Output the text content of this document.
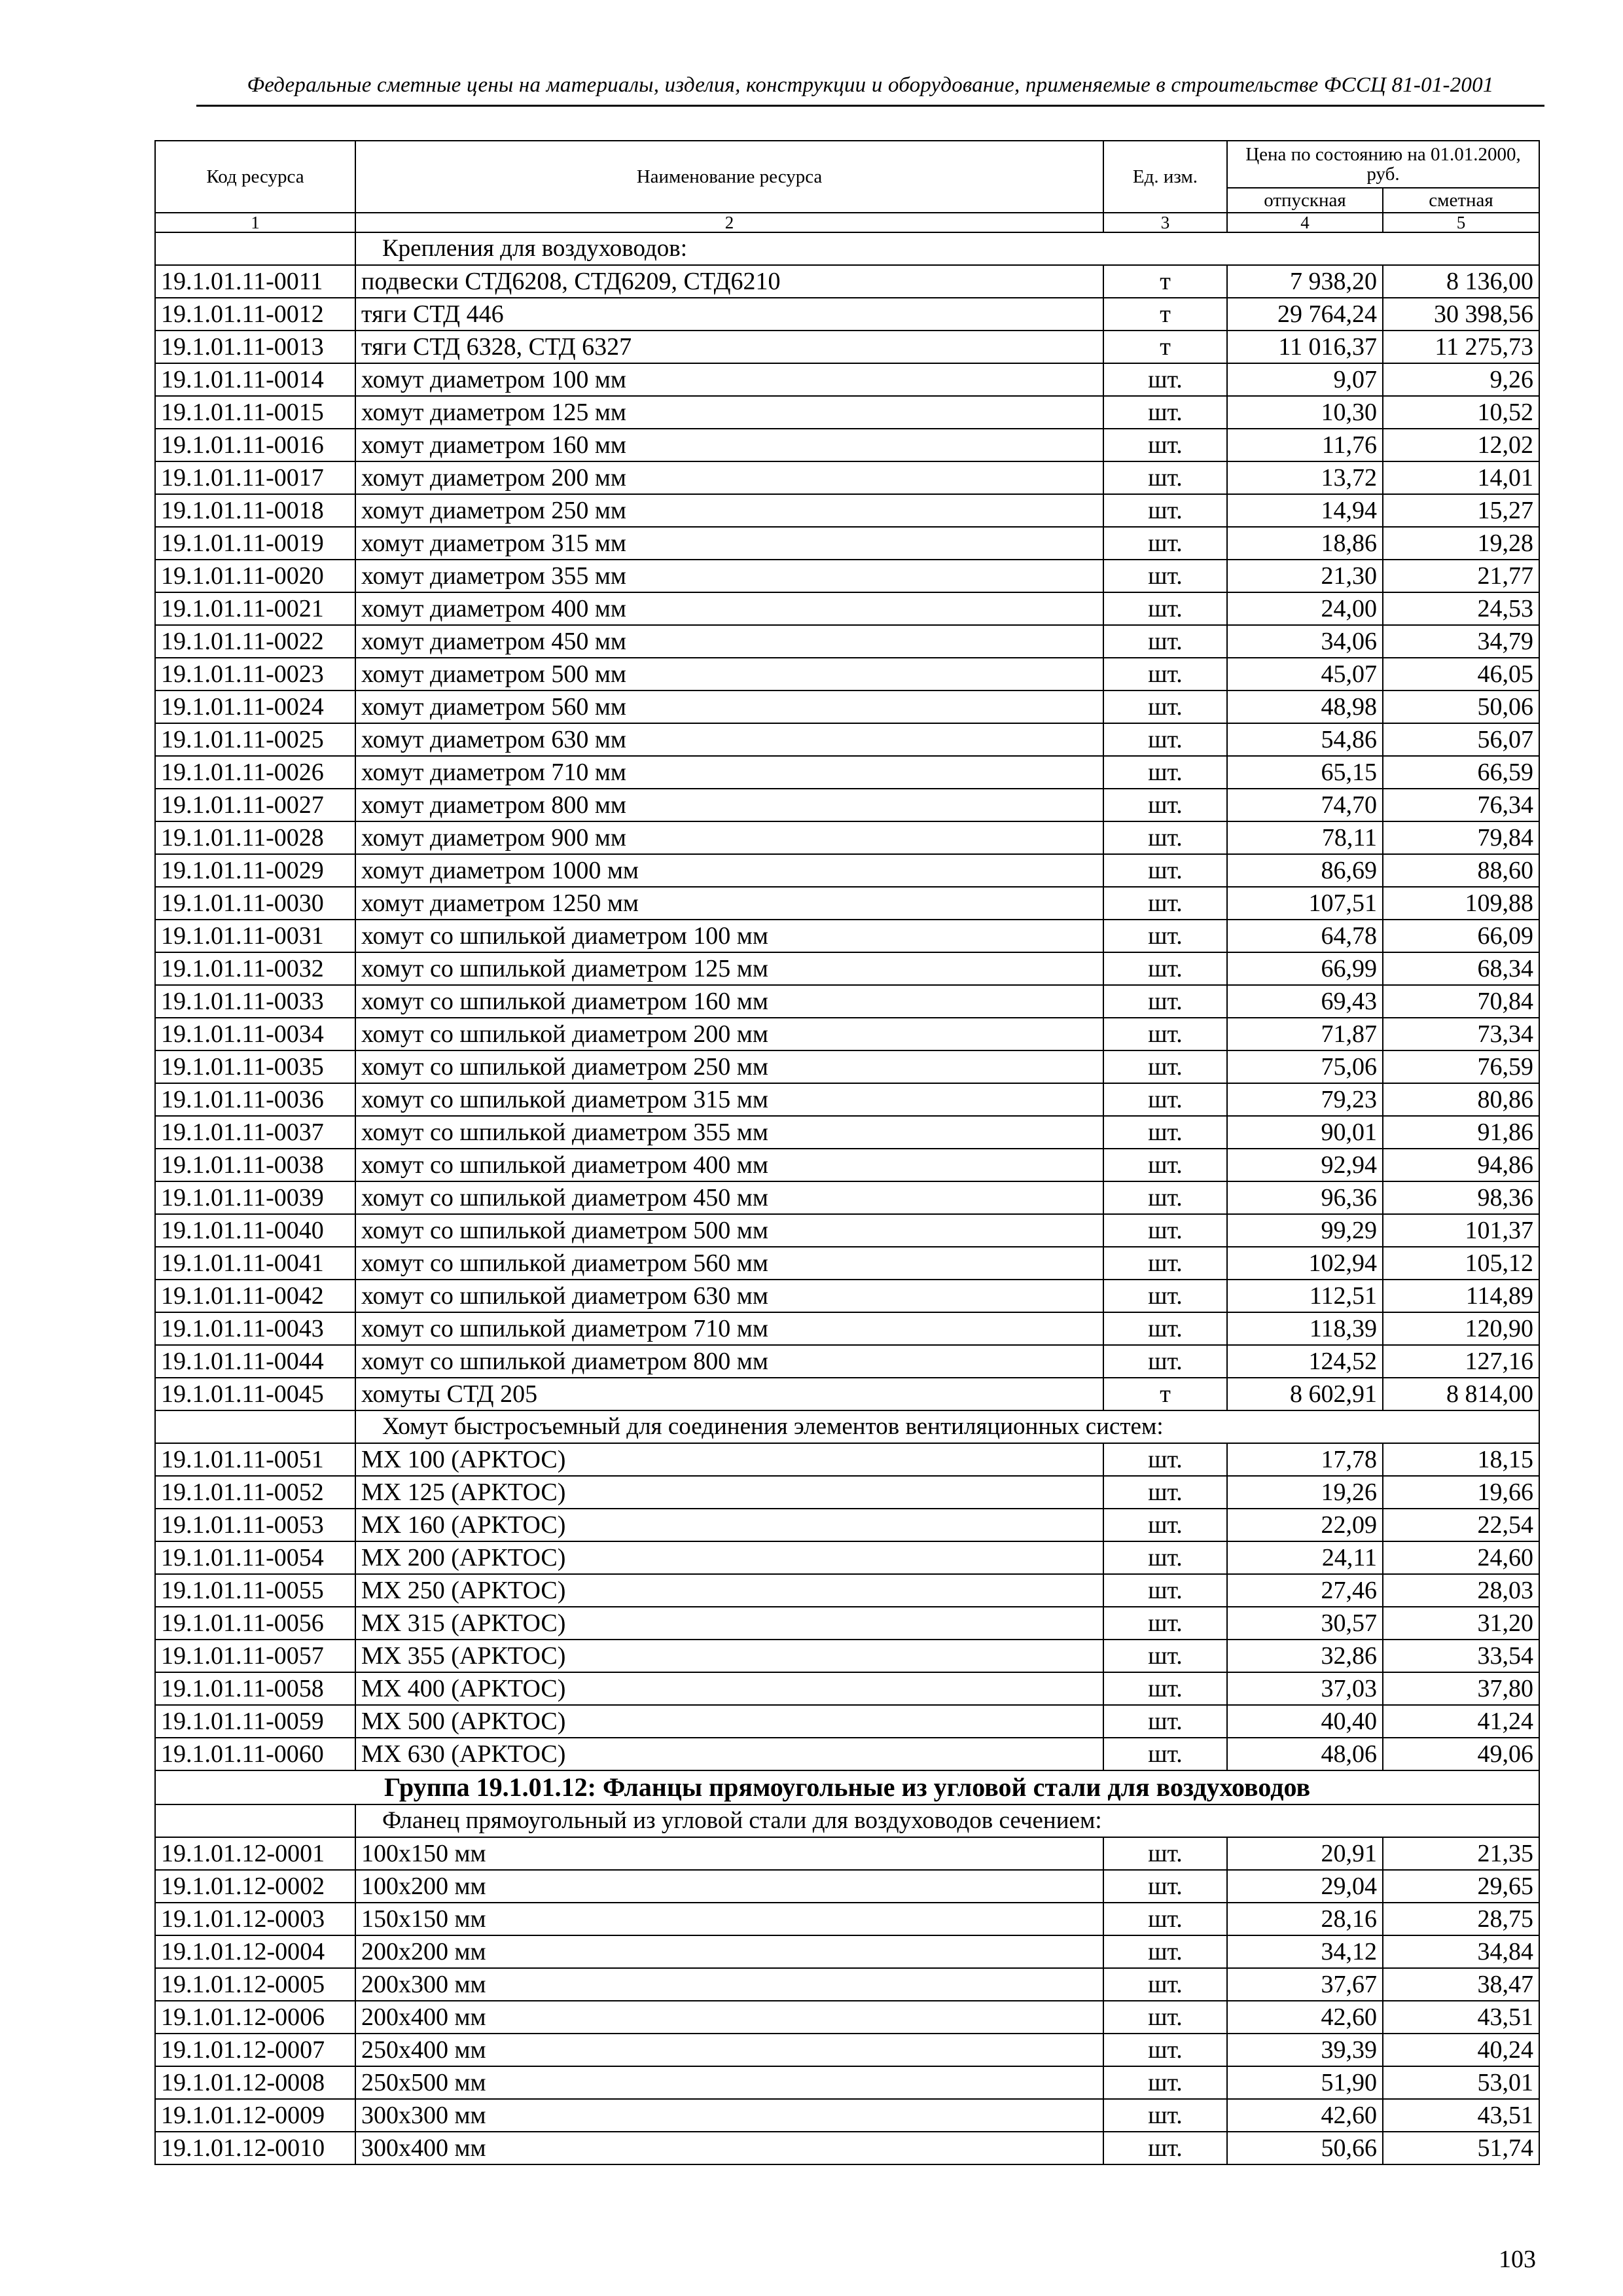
Федеральные сметные цены на материалы, изделия, конструкции и оборудование, применяемые в строительстве ФССЦ 81-01-2001
Код ресурса	Наименование ресурса	Ед. изм.	Цена по состоянию на 01.01.2000, руб.	
			отпускная	сметная
1	2	3	4	5
	Крепления для воздуховодов:			
19.1.01.11-0011	подвески СТД6208, СТД6209, СТД6210	т	7 938,20	8 136,00
19.1.01.11-0012	тяги СТД 446	т	29 764,24	30 398,56
19.1.01.11-0013	тяги СТД 6328, СТД 6327	т	11 016,37	11 275,73
19.1.01.11-0014	хомут диаметром 100 мм	шт.	9,07	9,26
19.1.01.11-0015	хомут диаметром 125 мм	шт.	10,30	10,52
19.1.01.11-0016	хомут диаметром 160 мм	шт.	11,76	12,02
19.1.01.11-0017	хомут диаметром 200 мм	шт.	13,72	14,01
19.1.01.11-0018	хомут диаметром 250 мм	шт.	14,94	15,27
19.1.01.11-0019	хомут диаметром 315 мм	шт.	18,86	19,28
19.1.01.11-0020	хомут диаметром 355 мм	шт.	21,30	21,77
19.1.01.11-0021	хомут диаметром 400 мм	шт.	24,00	24,53
19.1.01.11-0022	хомут диаметром 450 мм	шт.	34,06	34,79
19.1.01.11-0023	хомут диаметром 500 мм	шт.	45,07	46,05
19.1.01.11-0024	хомут диаметром 560 мм	шт.	48,98	50,06
19.1.01.11-0025	хомут диаметром 630 мм	шт.	54,86	56,07
19.1.01.11-0026	хомут диаметром 710 мм	шт.	65,15	66,59
19.1.01.11-0027	хомут диаметром 800 мм	шт.	74,70	76,34
19.1.01.11-0028	хомут диаметром 900 мм	шт.	78,11	79,84
19.1.01.11-0029	хомут диаметром 1000 мм	шт.	86,69	88,60
19.1.01.11-0030	хомут диаметром 1250 мм	шт.	107,51	109,88
19.1.01.11-0031	хомут со шпилькой диаметром 100 мм	шт.	64,78	66,09
19.1.01.11-0032	хомут со шпилькой диаметром 125 мм	шт.	66,99	68,34
19.1.01.11-0033	хомут со шпилькой диаметром 160 мм	шт.	69,43	70,84
19.1.01.11-0034	хомут со шпилькой диаметром 200 мм	шт.	71,87	73,34
19.1.01.11-0035	хомут со шпилькой диаметром 250 мм	шт.	75,06	76,59
19.1.01.11-0036	хомут со шпилькой диаметром 315 мм	шт.	79,23	80,86
19.1.01.11-0037	хомут со шпилькой диаметром 355 мм	шт.	90,01	91,86
19.1.01.11-0038	хомут со шпилькой диаметром 400 мм	шт.	92,94	94,86
19.1.01.11-0039	хомут со шпилькой диаметром 450 мм	шт.	96,36	98,36
19.1.01.11-0040	хомут со шпилькой диаметром 500 мм	шт.	99,29	101,37
19.1.01.11-0041	хомут со шпилькой диаметром 560 мм	шт.	102,94	105,12
19.1.01.11-0042	хомут со шпилькой диаметром 630 мм	шт.	112,51	114,89
19.1.01.11-0043	хомут со шпилькой диаметром 710 мм	шт.	118,39	120,90
19.1.01.11-0044	хомут со шпилькой диаметром 800 мм	шт.	124,52	127,16
19.1.01.11-0045	хомуты СТД 205	т	8 602,91	8 814,00
	Хомут быстросъемный для соединения элементов вентиляционных систем:			
19.1.01.11-0051	МХ 100 (АРКТОС)	шт.	17,78	18,15
19.1.01.11-0052	МХ 125 (АРКТОС)	шт.	19,26	19,66
19.1.01.11-0053	МХ 160 (АРКТОС)	шт.	22,09	22,54
19.1.01.11-0054	МХ 200 (АРКТОС)	шт.	24,11	24,60
19.1.01.11-0055	МХ 250 (АРКТОС)	шт.	27,46	28,03
19.1.01.11-0056	МХ 315 (АРКТОС)	шт.	30,57	31,20
19.1.01.11-0057	МХ 355 (АРКТОС)	шт.	32,86	33,54
19.1.01.11-0058	МХ 400 (АРКТОС)	шт.	37,03	37,80
19.1.01.11-0059	МХ 500 (АРКТОС)	шт.	40,40	41,24
19.1.01.11-0060	МХ 630 (АРКТОС)	шт.	48,06	49,06
Группа 19.1.01.12: Фланцы прямоугольные из угловой стали для воздуховодов				
	Фланец прямоугольный из угловой стали для воздуховодов сечением:			
19.1.01.12-0001	100x150 мм	шт.	20,91	21,35
19.1.01.12-0002	100x200 мм	шт.	29,04	29,65
19.1.01.12-0003	150x150 мм	шт.	28,16	28,75
19.1.01.12-0004	200x200 мм	шт.	34,12	34,84
19.1.01.12-0005	200x300 мм	шт.	37,67	38,47
19.1.01.12-0006	200x400 мм	шт.	42,60	43,51
19.1.01.12-0007	250x400 мм	шт.	39,39	40,24
19.1.01.12-0008	250x500 мм	шт.	51,90	53,01
19.1.01.12-0009	300x300 мм	шт.	42,60	43,51
19.1.01.12-0010	300x400 мм	шт.	50,66	51,74
103
